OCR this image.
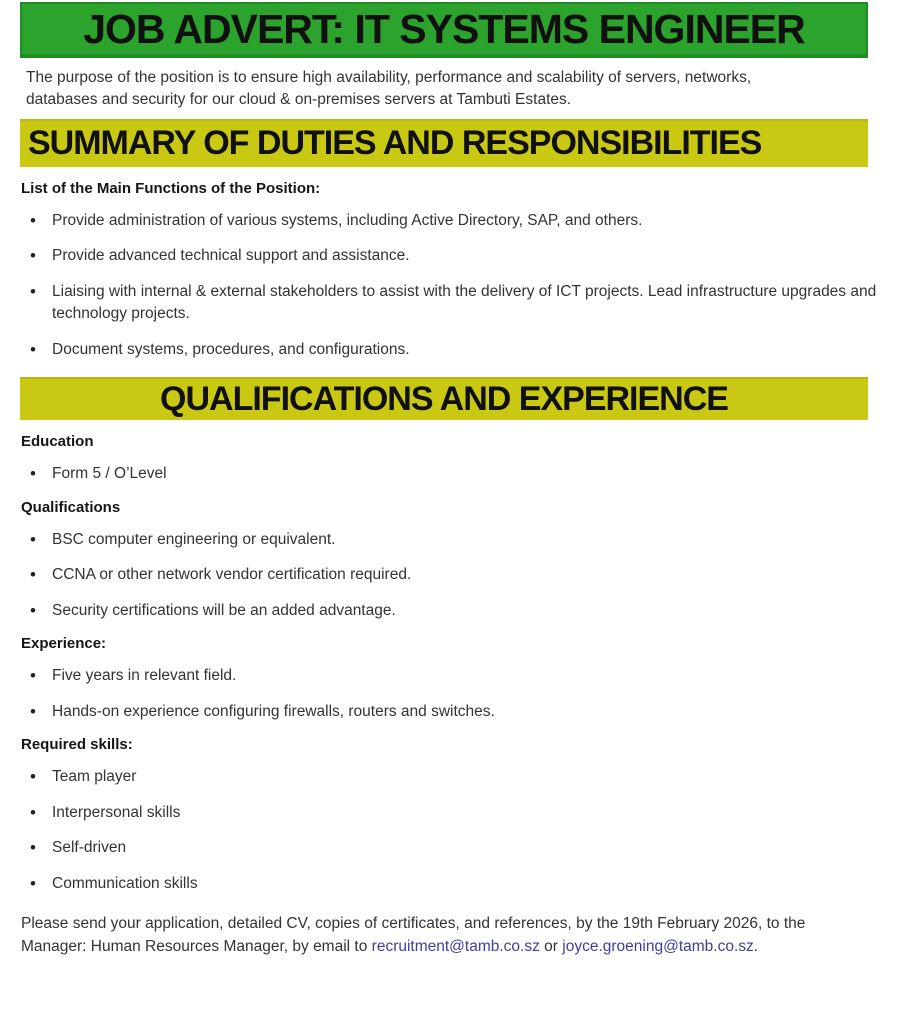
JOB ADVERT: IT SYSTEMS ENGINEER

The purpose of the position is to ensure high availability, performance and scalability of servers, networks, databases and security for our cloud & on-premises servers at Tambuti Estates.

SUMMARY OF DUTIES AND RESPONSIBILITIES

List of the Main Functions of the Position:

• Provide administration of various systems, including Active Directory, SAP, and others.
• Provide advanced technical support and assistance.
• Liaising with internal & external stakeholders to assist with the delivery of ICT projects. Lead infrastructure upgrades and technology projects.
• Document systems, procedures, and configurations.
QUALIFICATIONS AND EXPERIENCE

Education

• Form 5 / O’Level

Qualifications

• BSC computer engineering or equivalent.
• CCNA or other network vendor certification required.
• Security certifications will be an added advantage.

Experience:

• Five years in relevant field.
• Hands-on experience configuring firewalls, routers and switches.

Required skills:

• Team player
• Interpersonal skills
• Self-driven
• Communication skills

Please send your application, detailed CV, copies of certificates, and references, by the 19th February 2026, to the Manager: Human Resources Manager, by email to recruitment@tamb.co.sz or joyce.groening@tamb.co.sz.
